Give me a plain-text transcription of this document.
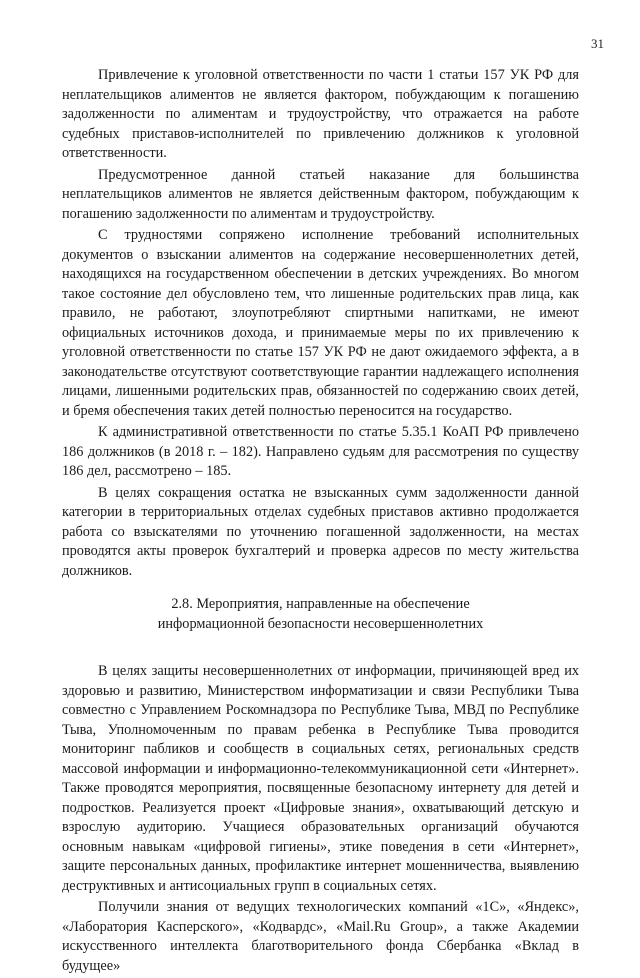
31

Привлечение к уголовной ответственности по части 1 статьи 157 УК РФ для неплательщиков алиментов не является фактором, побуждающим к погашению задолженности по алиментам и трудоустройству, что отражается на работе судебных приставов-исполнителей по привлечению должников к уголовной ответственности.

Предусмотренное данной статьей наказание для большинства неплательщиков алиментов не является действенным фактором, побуждающим к погашению задолженности по алиментам и трудоустройству.

С трудностями сопряжено исполнение требований исполнительных документов о взыскании алиментов на содержание несовершеннолетних детей, находящихся на государственном обеспечении в детских учреждениях. Во многом такое состояние дел обусловлено тем, что лишенные родительских прав лица, как правило, не работают, злоупотребляют спиртными напитками, не имеют официальных источников дохода, и принимаемые меры по их привлечению к уголовной ответственности по статье 157 УК РФ не дают ожидаемого эффекта, а в законодательстве отсутствуют соответствующие гарантии надлежащего исполнения лицами, лишенными родительских прав, обязанностей по содержанию своих детей, и бремя обеспечения таких детей полностью переносится на государство.

К административной ответственности по статье 5.35.1 КоАП РФ привлечено 186 должников (в 2018 г. – 182). Направлено судьям для рассмотрения по существу 186 дел, рассмотрено – 185.

В целях сокращения остатка не взысканных сумм задолженности данной категории в территориальных отделах судебных приставов активно продолжается работа со взыскателями по уточнению погашенной задолженности, на местах проводятся акты проверок бухгалтерий и проверка адресов по месту жительства должников.

2.8. Мероприятия, направленные на обеспечение
информационной безопасности несовершеннолетних

В целях защиты несовершеннолетних от информации, причиняющей вред их здоровью и развитию, Министерством информатизации и связи Республики Тыва совместно с Управлением Роскомнадзора по Республике Тыва, МВД по Республике Тыва, Уполномоченным по правам ребенка в Республике Тыва проводится мониторинг пабликов и сообществ в социальных сетях, региональных средств массовой информации и информационно-телекоммуникационной сети «Интернет». Также проводятся мероприятия, посвященные безопасному интернету для детей и подростков. Реализуется проект «Цифровые знания», охватывающий детскую и взрослую аудиторию. Учащиеся образовательных организаций обучаются основным навыкам «цифровой гигиены», этике поведения в сети «Интернет», защите персональных данных, профилактике интернет мошенничества, выявлению деструктивных и антисоциальных групп в социальных сетях.

Получили знания от ведущих технологических компаний «1С», «Яндекс», «Лаборатория Касперского», «Кодвардс», «Mail.Ru Group», а также Академии искусственного интеллекта благотворительного фонда Сбербанка «Вклад в будущее»
